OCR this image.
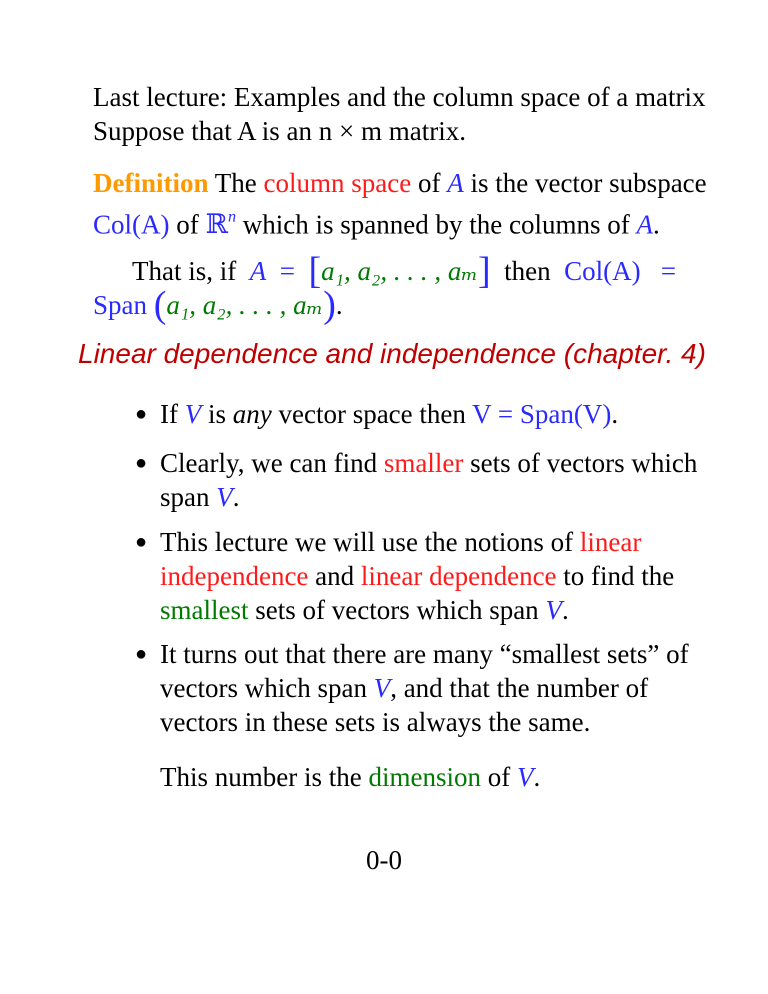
Last lecture: Examples and the column space of a matrix
Suppose that A is an n × m matrix.
Definition The column space of A is the vector subspace
Col(A) of ℝ$^n$ which is spanned by the columns of A.
That is, if A = [a₁, a₂, . . . , aₘ] then Col(A) =
Span (a₁, a₂, . . . , aₘ).
Linear dependence and independence (chapter. 4)
● If V is any vector space then V = Span(V).
● Clearly, we can find smaller sets of vectors which
span V.
● This lecture we will use the notions of linear
independence and linear dependence to find the
smallest sets of vectors which span V.
● It turns out that there are many “smallest sets” of
vectors which span V, and that the number of
vectors in these sets is always the same.
This number is the dimension of V.
0-0
